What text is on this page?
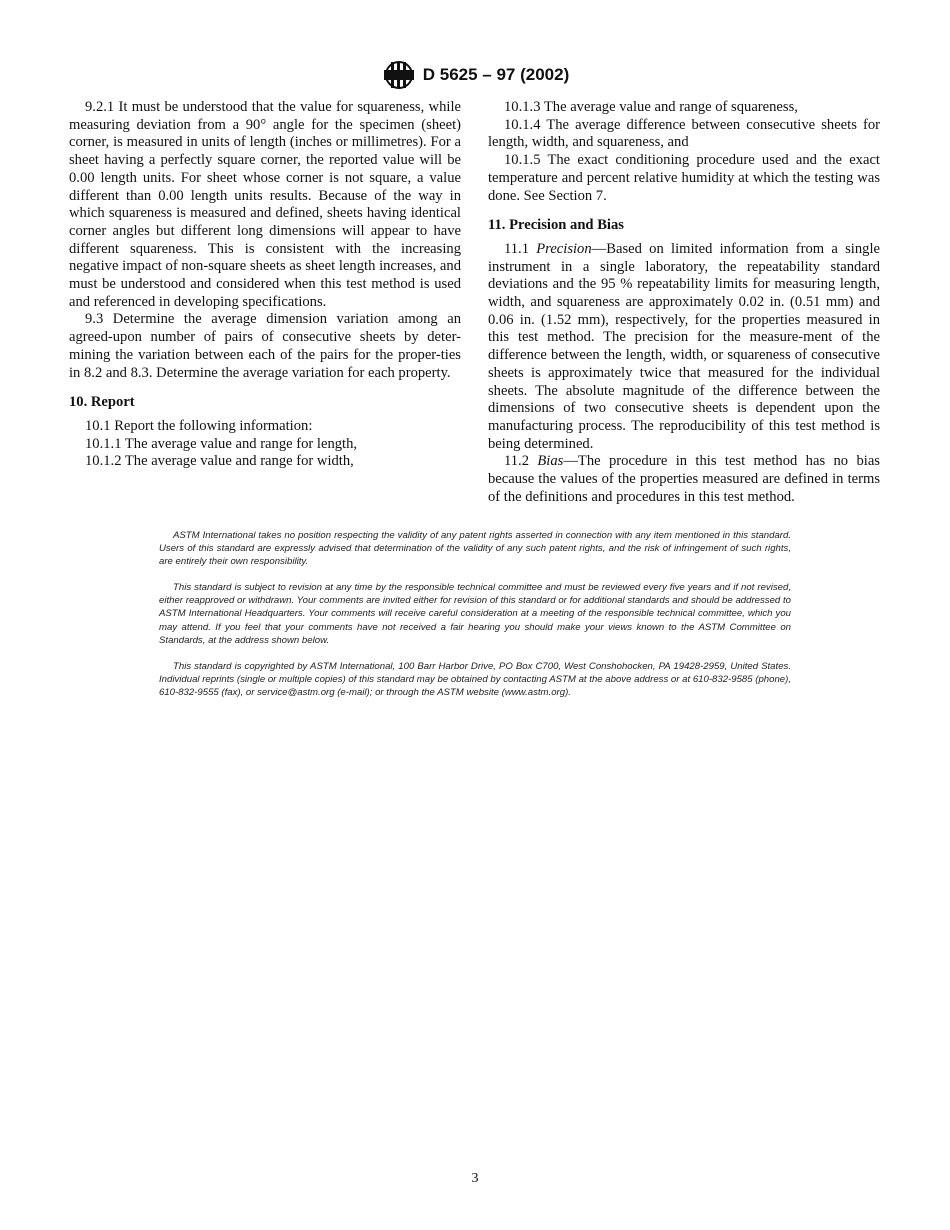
D 5625 – 97 (2002)

9.2.1 It must be understood that the value for squareness, while measuring deviation from a 90° angle for the specimen (sheet) corner, is measured in units of length (inches or millimetres). For a sheet having a perfectly square corner, the reported value will be 0.00 length units. For sheet whose corner is not square, a value different than 0.00 length units results. Because of the way in which squareness is measured and defined, sheets having identical corner angles but different long dimensions will appear to have different squareness. This is consistent with the increasing negative impact of non-square sheets as sheet length increases, and must be understood and considered when this test method is used and referenced in developing specifications.

9.3 Determine the average dimension variation among an agreed-upon number of pairs of consecutive sheets by deter-mining the variation between each of the pairs for the proper-ties in 8.2 and 8.3. Determine the average variation for each property.

10. Report

10.1 Report the following information:

10.1.1 The average value and range for length,

10.1.2 The average value and range for width,

10.1.3 The average value and range of squareness,

10.1.4 The average difference between consecutive sheets for length, width, and squareness, and

10.1.5 The exact conditioning procedure used and the exact temperature and percent relative humidity at which the testing was done. See Section 7.

11. Precision and Bias

11.1 Precision—Based on limited information from a single instrument in a single laboratory, the repeatability standard deviations and the 95 % repeatability limits for measuring length, width, and squareness are approximately 0.02 in. (0.51 mm) and 0.06 in. (1.52 mm), respectively, for the properties measured in this test method. The precision for the measure-ment of the difference between the length, width, or squareness of consecutive sheets is approximately twice that measured for the individual sheets. The absolute magnitude of the difference between the dimensions of two consecutive sheets is dependent upon the manufacturing process. The reproducibility of this test method is being determined.

11.2 Bias—The procedure in this test method has no bias because the values of the properties measured are defined in terms of the definitions and procedures in this test method.

ASTM International takes no position respecting the validity of any patent rights asserted in connection with any item mentioned in this standard. Users of this standard are expressly advised that determination of the validity of any such patent rights, and the risk of infringement of such rights, are entirely their own responsibility.

This standard is subject to revision at any time by the responsible technical committee and must be reviewed every five years and if not revised, either reapproved or withdrawn. Your comments are invited either for revision of this standard or for additional standards and should be addressed to ASTM International Headquarters. Your comments will receive careful consideration at a meeting of the responsible technical committee, which you may attend. If you feel that your comments have not received a fair hearing you should make your views known to the ASTM Committee on Standards, at the address shown below.

This standard is copyrighted by ASTM International, 100 Barr Harbor Drive, PO Box C700, West Conshohocken, PA 19428-2959, United States. Individual reprints (single or multiple copies) of this standard may be obtained by contacting ASTM at the above address or at 610-832-9585 (phone), 610-832-9555 (fax), or service@astm.org (e-mail); or through the ASTM website (www.astm.org).

3
